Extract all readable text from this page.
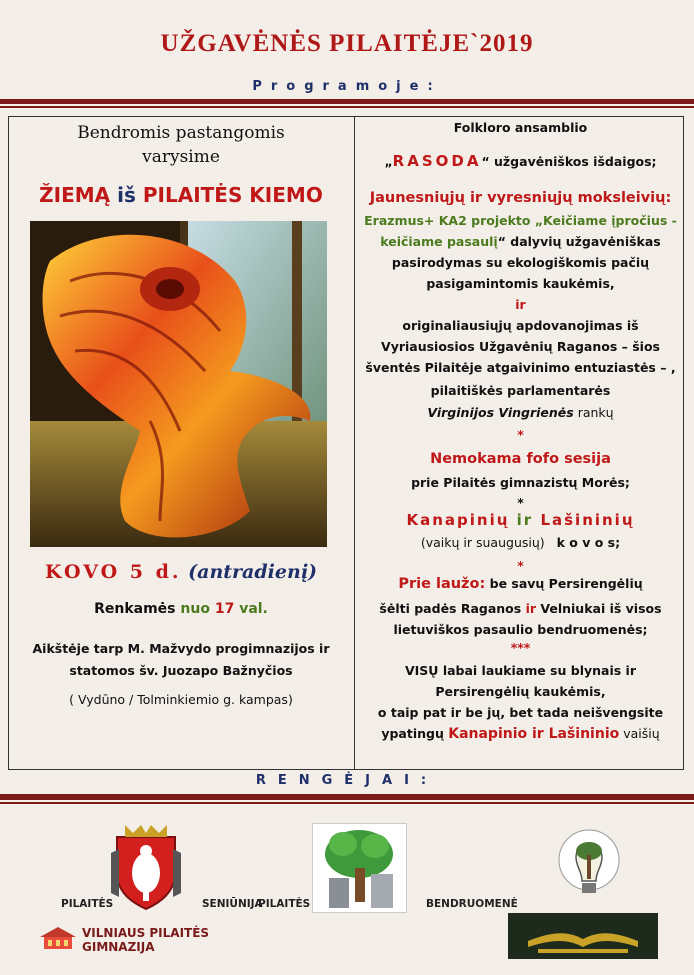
UŽGAVĖNĖS PILAITĖJE`2019
Programoje:
Bendromis pastangomis
varysime
ŽIEMĄ iš PILAITĖS KIEMO
KOVO 5 d. (antradienį)
Renkamės nuo 17 val.
Aikštėje tarp M. Mažvydo progimnazijos ir
statomos šv. Juozapo Bažnyčios
( Vydūno / Tolminkiemio g. kampas)
Folkloro ansamblio
„RASODA“ užgavėniškos išdaigos;
Jaunesniųjų ir vyresniųjų moksleivių:
Erazmus+ KA2 projekto „Keičiame įpročius -
keičiame pasaulį“ dalyvių užgavėniškas
pasirodymas su ekologiškomis pačių
pasigamintomis kaukėmis,
ir
originaliausiųjų apdovanojimas iš
Vyriausiosios Užgavėnių Raganos – šios
šventės Pilaitėje atgaivinimo entuziastės – ,
pilaitiškės parlamentarės
Virginijos Vingrienės rankų
*
Nemokama fofo sesija
prie Pilaitės gimnazistų Morės;
*
Kanapinių ir Lašininių
(vaikų ir suaugusių) k o v o s;
*
Prie laužo: be savų Persirengėlių
šėlti padės Raganos ir Velniukai iš visos
lietuviškos pasaulio bendruomenės;
***
VISŲ labai laukiame su blynais ir
Persirengėlių kaukėmis,
o taip pat ir be jų, bet tada neišvengsite
ypatingų Kanapinio ir Lašininio vaišių
RENGĖJAI:
PILAITĖS	SENIŪNIJA
PILAITĖS	BENDRUOMENĖ
VILNIAUS PILAITĖS
GIMNAZIJA
